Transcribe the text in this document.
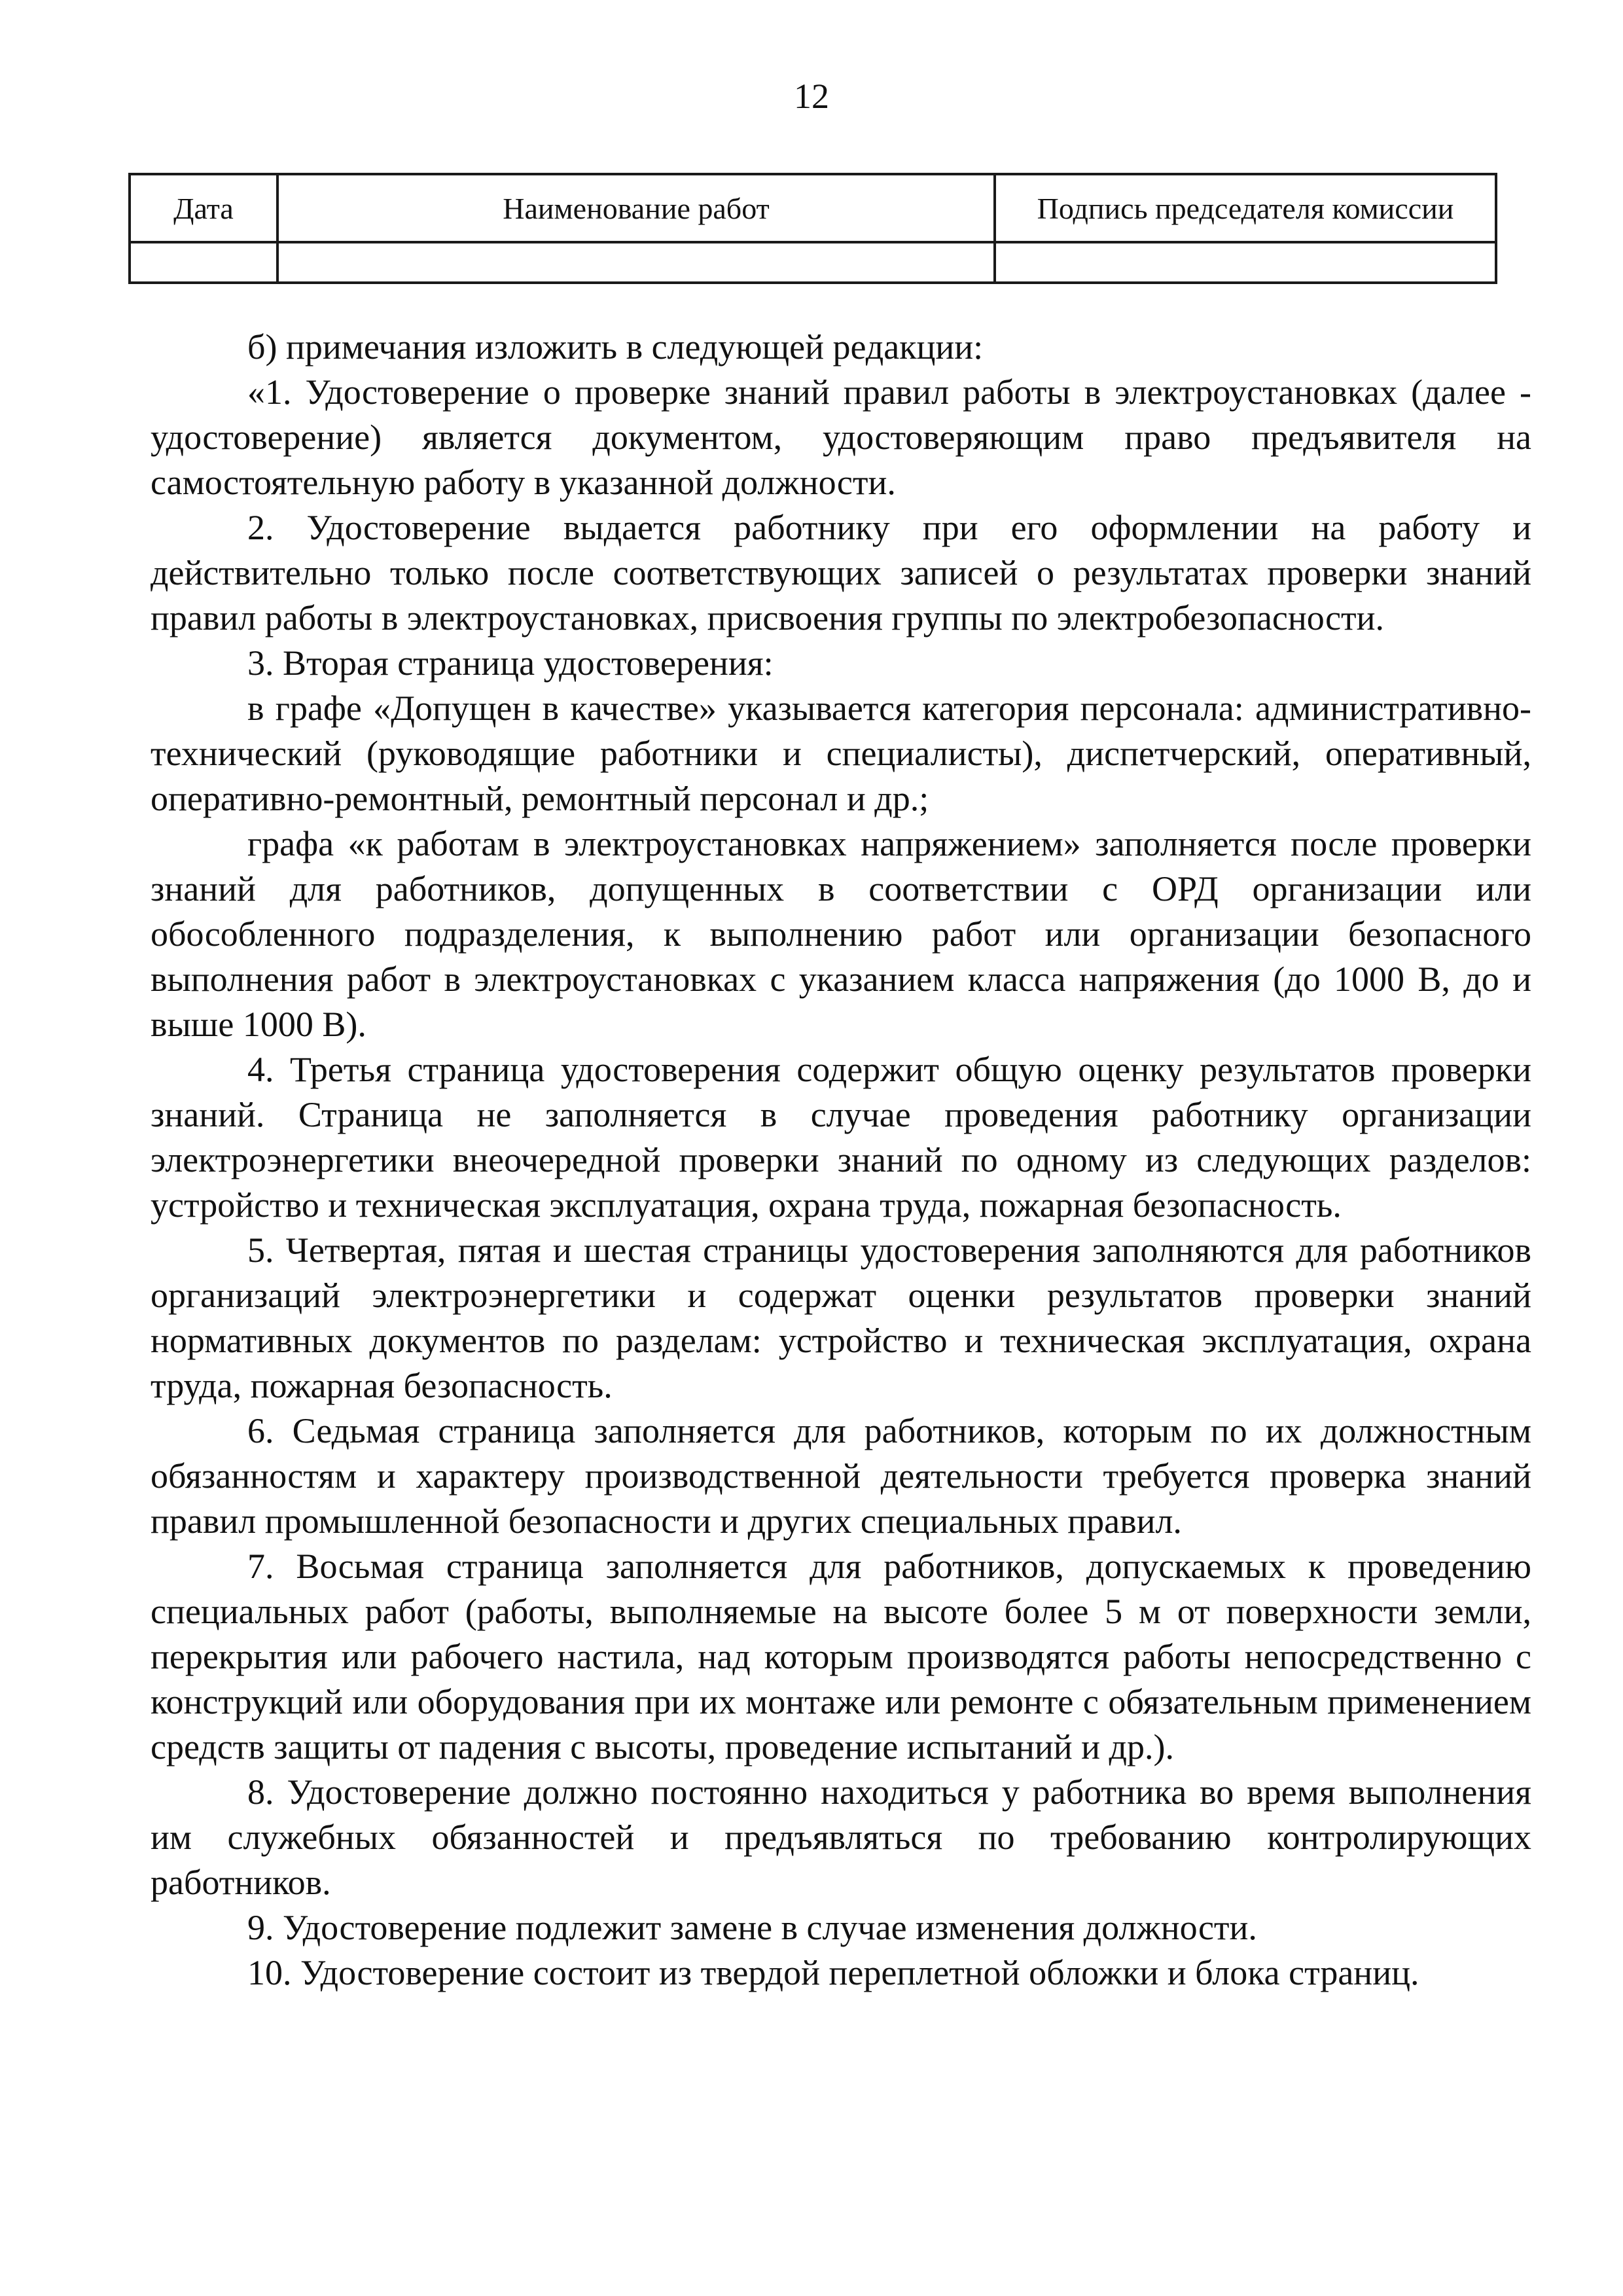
12
Дата	Наименование работ	Подпись председателя комиссии

б) примечания изложить в следующей редакции:

«1. Удостоверение о проверке знаний правил работы в электроустановках (далее - удостоверение) является документом, удостоверяющим право предъявителя на самостоятельную работу в указанной должности.

2. Удостоверение выдается работнику при его оформлении на работу и действительно только после соответствующих записей о результатах проверки знаний правил работы в электроустановках, присвоения группы по электробезопасности.

3. Вторая страница удостоверения:

в графе «Допущен в качестве» указывается категория персонала: административно-технический (руководящие работники и специалисты), диспетчерский, оперативный, оперативно-ремонтный, ремонтный персонал и др.;

графа «к работам в электроустановках напряжением» заполняется после проверки знаний для работников, допущенных в соответствии с ОРД организации или обособленного подразделения, к выполнению работ или организации безопасного выполнения работ в электроустановках с указанием класса напряжения (до 1000 В, до и выше 1000 В).

4. Третья страница удостоверения содержит общую оценку результатов проверки знаний. Страница не заполняется в случае проведения работнику организации электроэнергетики внеочередной проверки знаний по одному из следующих разделов: устройство и техническая эксплуатация, охрана труда, пожарная безопасность.

5. Четвертая, пятая и шестая страницы удостоверения заполняются для работников организаций электроэнергетики и содержат оценки результатов проверки знаний нормативных документов по разделам: устройство и техническая эксплуатация, охрана труда, пожарная безопасность.

6. Седьмая страница заполняется для работников, которым по их должностным обязанностям и характеру производственной деятельности требуется проверка знаний правил промышленной безопасности и других специальных правил.

7. Восьмая страница заполняется для работников, допускаемых к проведению специальных работ (работы, выполняемые на высоте более 5 м от поверхности земли, перекрытия или рабочего настила, над которым производятся работы непосредственно с конструкций или оборудования при их монтаже или ремонте с обязательным применением средств защиты от падения с высоты, проведение испытаний и др.).

8. Удостоверение должно постоянно находиться у работника во время выполнения им служебных обязанностей и предъявляться по требованию контролирующих работников.

9. Удостоверение подлежит замене в случае изменения должности.

10. Удостоверение состоит из твердой переплетной обложки и блока страниц.
